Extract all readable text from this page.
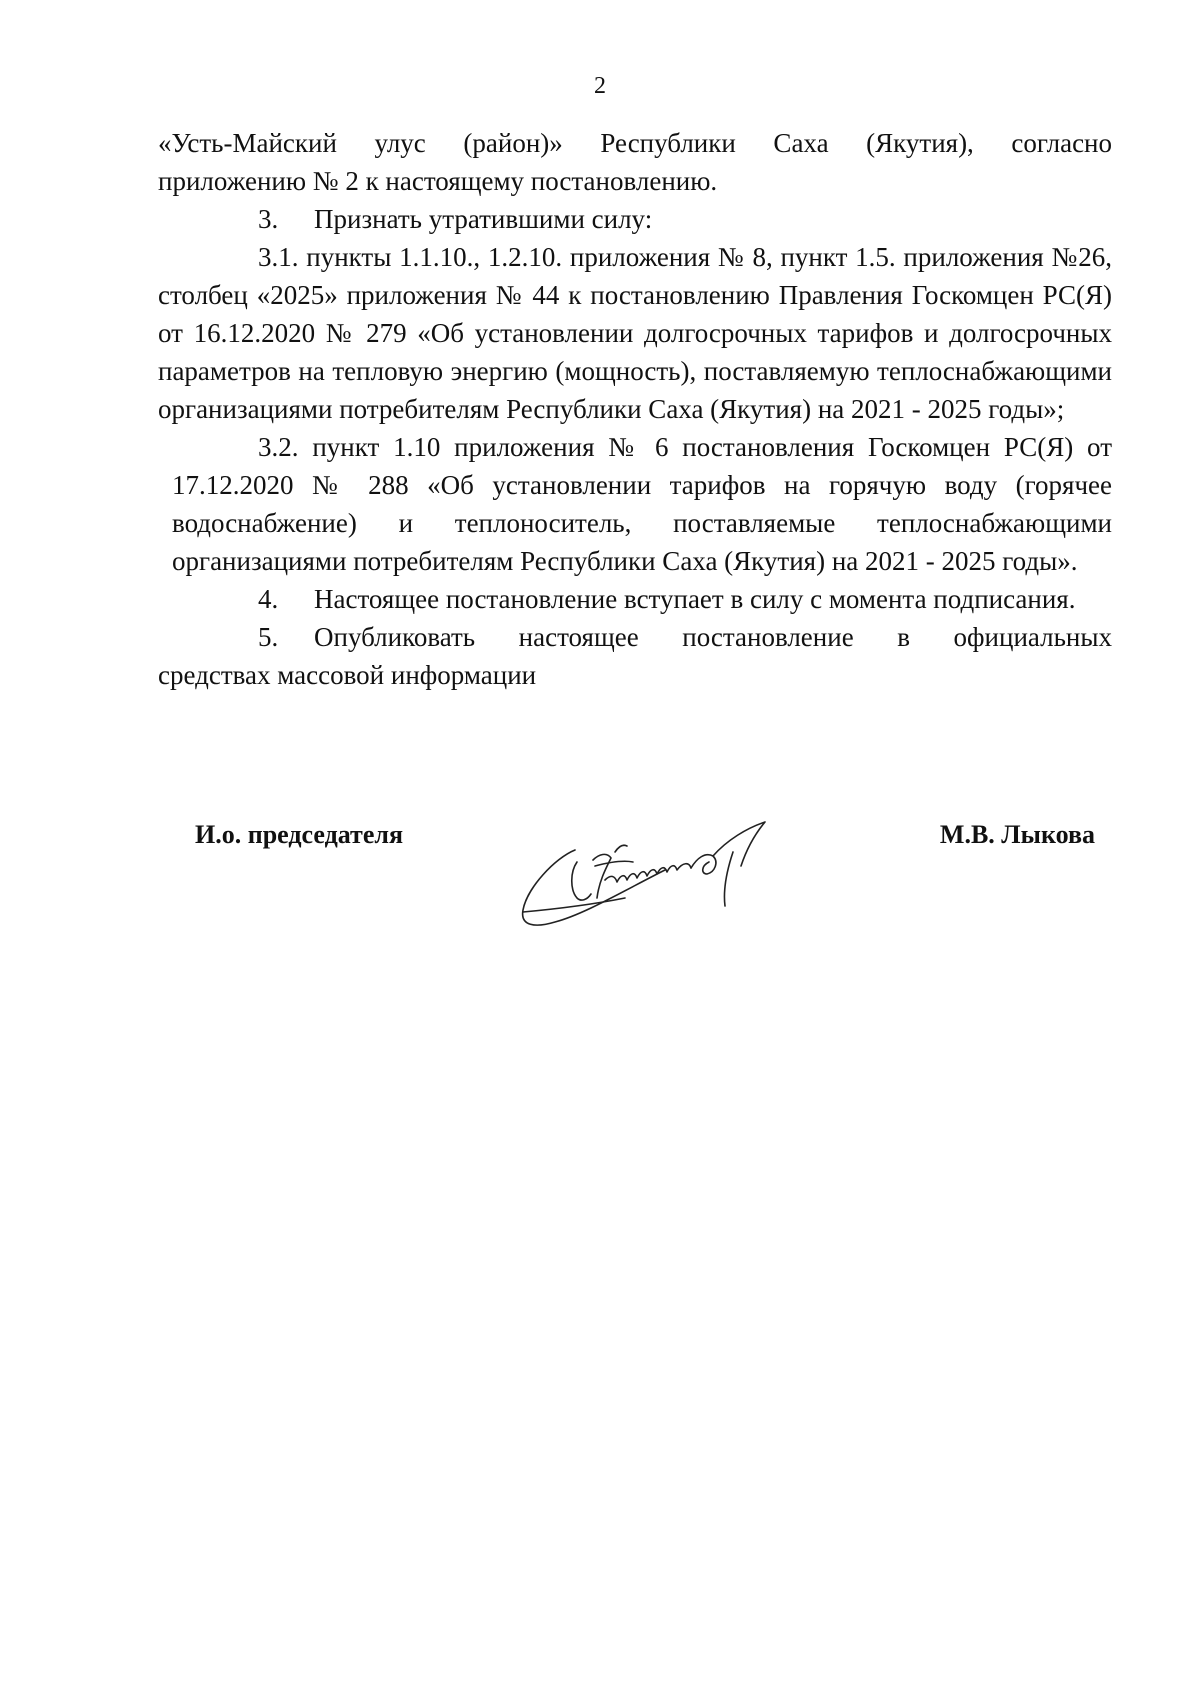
2

«Усть-Майский улус (район)» Республики Саха (Якутия), согласно

приложению № 2 к настоящему постановлению.

3. Признать утратившими силу:

3.1. пункты 1.1.10., 1.2.10. приложения № 8, пункт 1.5. приложения №26, столбец «2025» приложения № 44 к постановлению Правления Госкомцен РС(Я) от 16.12.2020 № 279 «Об установлении долгосрочных тарифов и долгосрочных параметров на тепловую энергию (мощность), поставляемую теплоснабжающими организациями потребителям Республики Саха (Якутия) на 2021 - 2025 годы»;

3.2. пункт 1.10 приложения № 6 постановления Госкомцен РС(Я) от 17.12.2020 № 288 «Об установлении тарифов на горячую воду (горячее водоснабжение) и теплоноситель, поставляемые теплоснабжающими организациями потребителям Республики Саха (Якутия) на 2021 - 2025 годы».

4. Настоящее постановление вступает в силу с момента подписания.

5. Опубликовать настоящее постановление в официальных

средствах массовой информации

И.о. председателя	М.В. Лыкова
